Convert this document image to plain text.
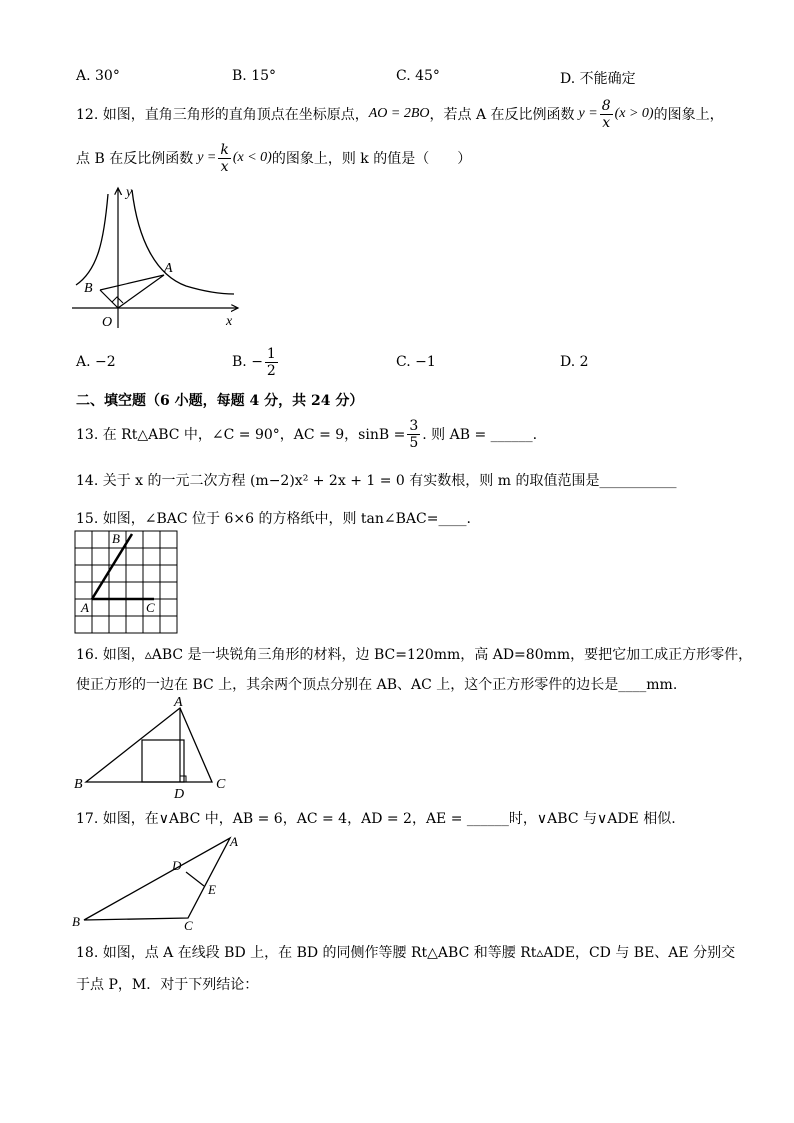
A. 30°	B. 15°	C. 45°	D. 不能确定
12. 如图，直角三角形的直角顶点在坐标原点， AO = 2BO ，若点 A 在反比例函数 $y = \frac{8}{x} (x > 0)$ 的图象上，
点 B 在反比例函数 $y = \frac{k}{x} (x < 0)$ 的图象上，则 k 的值是（　　）
y
x
O
A
B
A. −2	B. − $\frac{1}{2}$	C. −1	D. 2
二、填空题（6 小题，每题 4 分，共 24 分）
13. 在 Rt△ABC 中，∠C = 90°，AC = 9，$\sin B = \frac{3}{5}$ . 则 AB = ______.
14. 关于 x 的一元二次方程 (m−2)x² + 2x + 1 = 0 有实数根，则 m 的取值范围是___________
15. 如图，∠BAC 位于 6×6 的方格纸中，则 tan∠BAC=____.
A
B
C
16. 如图，▵ABC 是一块锐角三角形的材料，边 BC=120mm，高 AD=80mm，要把它加工成正方形零件，
使正方形的一边在 BC 上，其余两个顶点分别在 AB、AC 上，这个正方形零件的边长是____mm.
A
B	C
D
17. 如图，在∨ABC 中，AB = 6，AC = 4，AD = 2，AE = ______时，∨ABC 与∨ADE 相似.
A
B	C
D
E
18. 如图，点 A 在线段 BD 上，在 BD 的同侧作等腰 Rt△ABC 和等腰 Rt▵ADE，CD 与 BE、AE 分别交
于点 P，M．对于下列结论：
